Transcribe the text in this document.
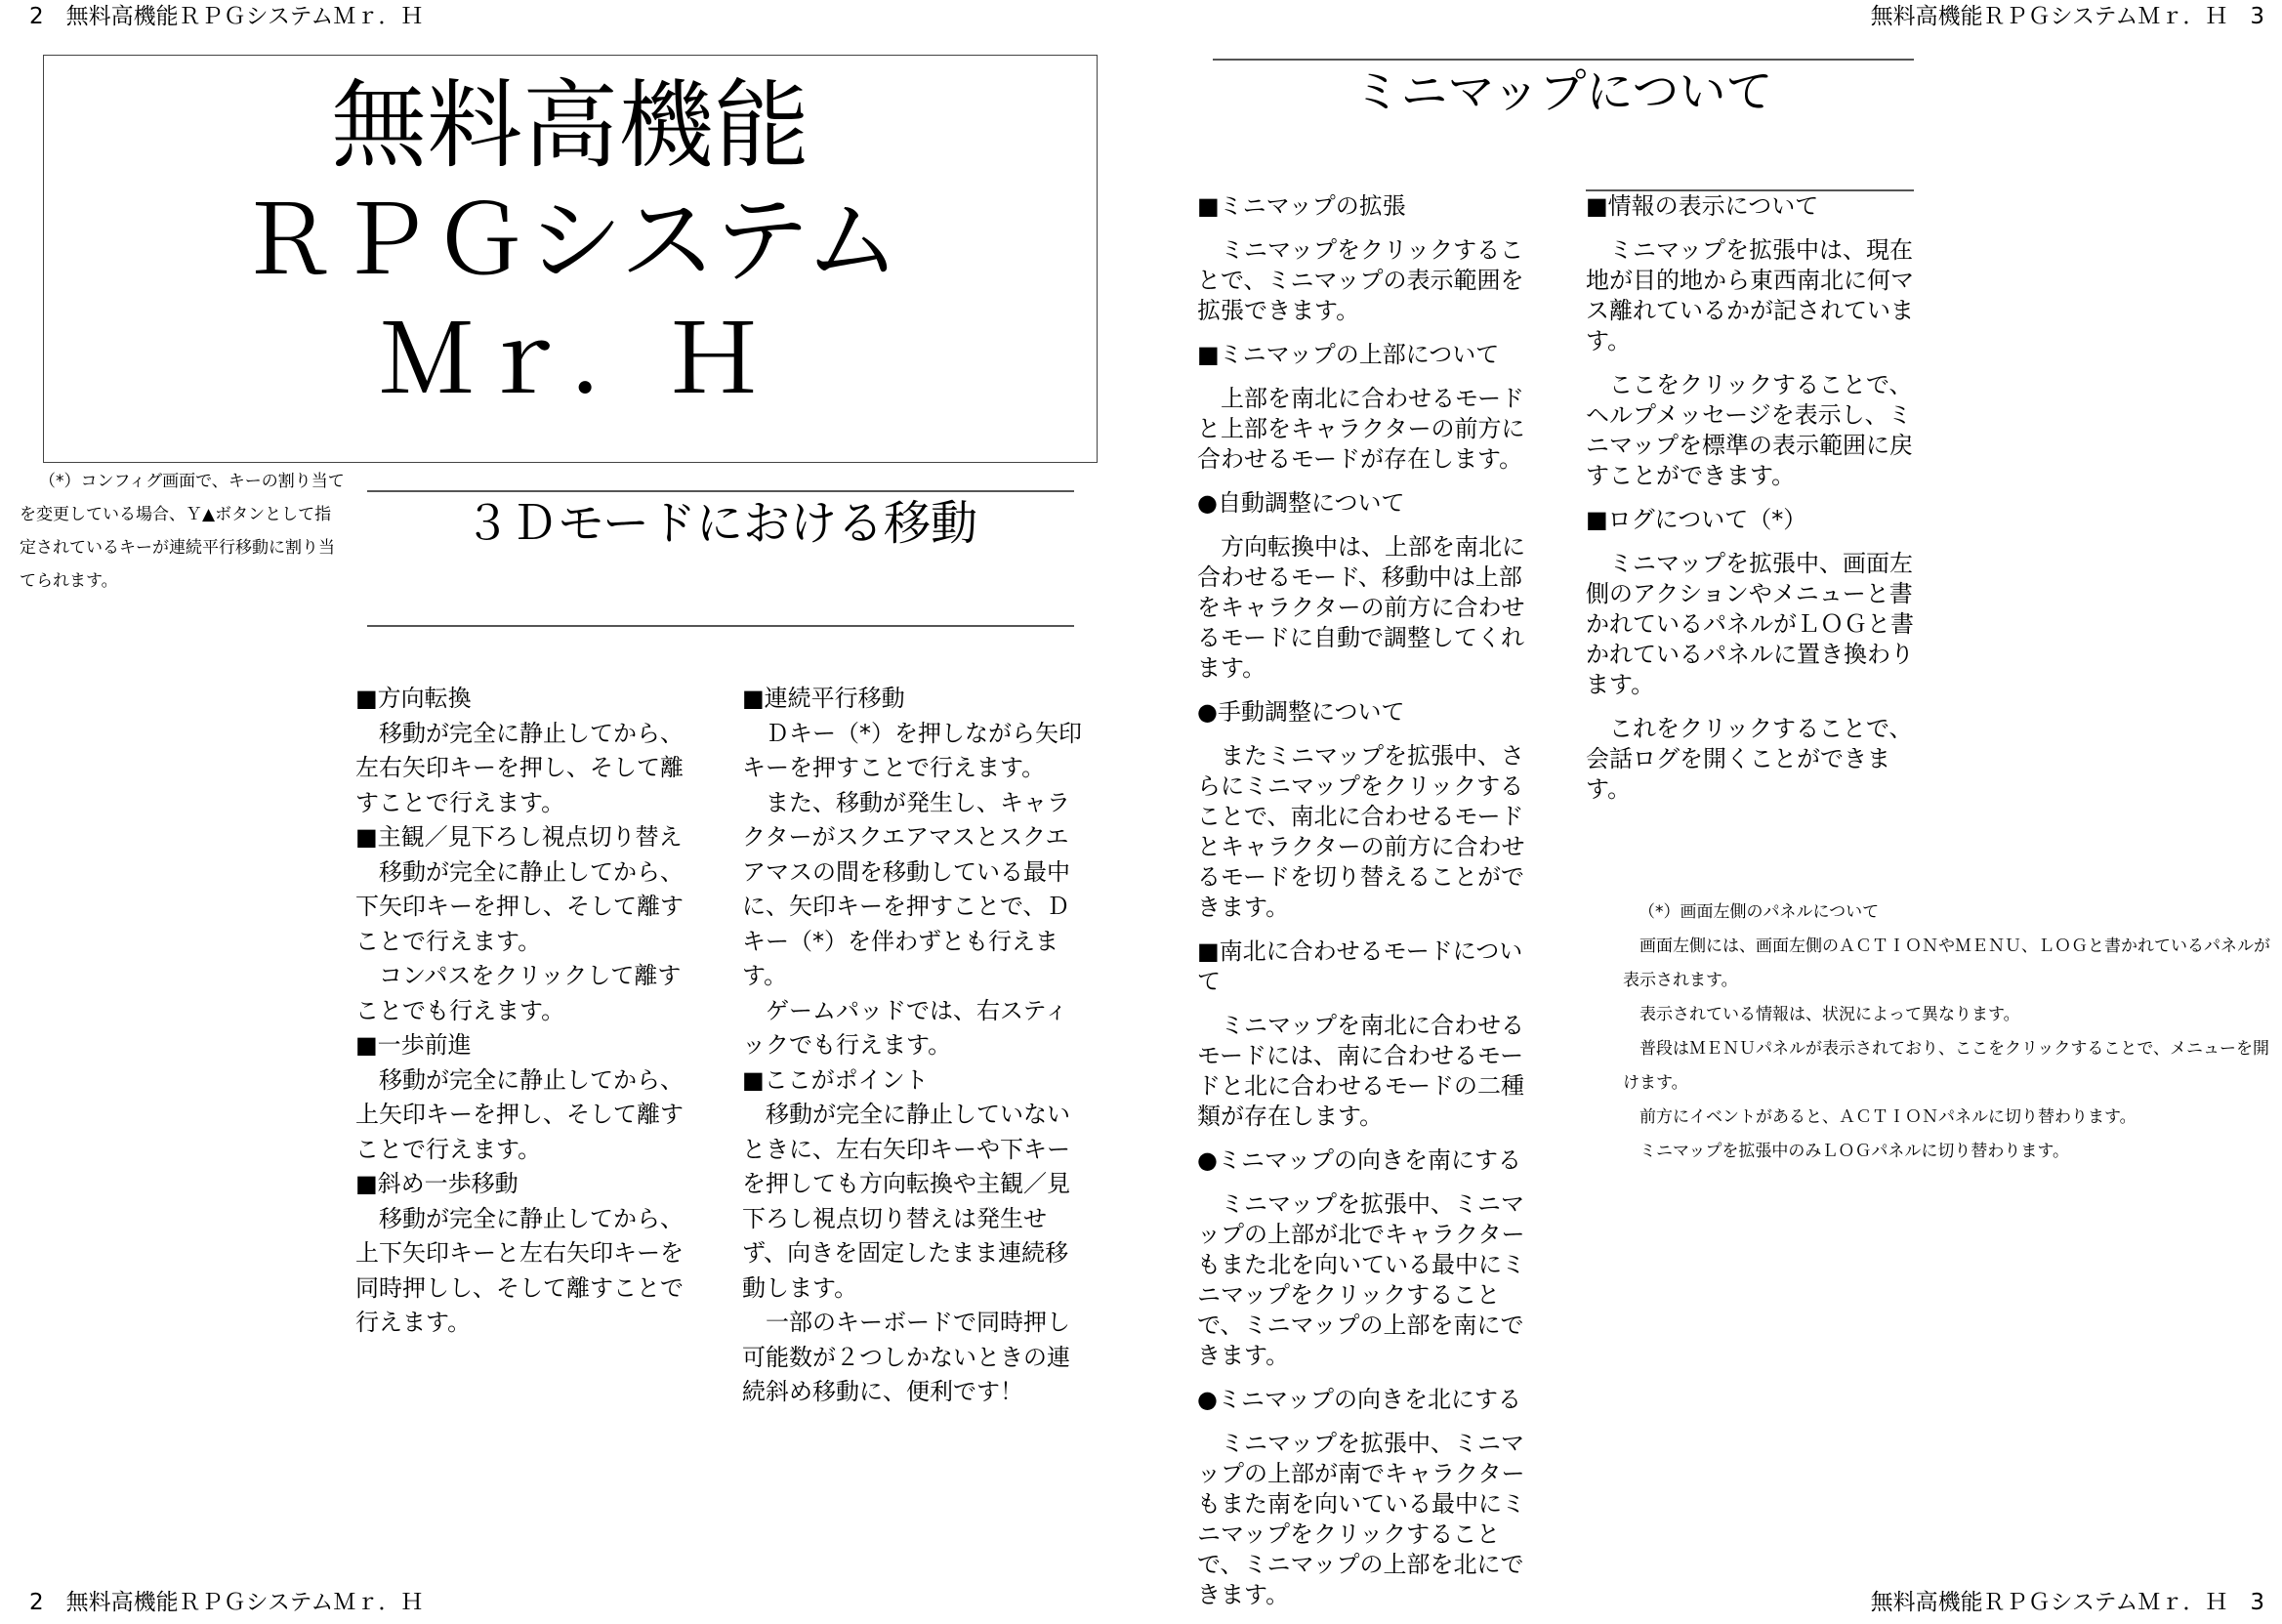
2　無料高機能ＲＰＧシステムＭｒ．Ｈ	無料高機能ＲＰＧシステムＭｒ．Ｈ　3
2　無料高機能ＲＰＧシステムＭｒ．Ｈ	無料高機能ＲＰＧシステムＭｒ．Ｈ　3
無料高機能
ＲＰＧシステム
Ｍｒ．Ｈ
（*）コンフィグ画面で、キーの割り当て
を変更している場合、Ｙ▲ボタンとして指
定されているキーが連続平行移動に割り当
てられます。
３Ｄモードにおける移動

■方向転換

移動が完全に静止してから、左右矢印キーを押し、そして離すことで行えます。

■主観／見下ろし視点切り替え

移動が完全に静止してから、下矢印キーを押し、そして離すことで行えます。

コンパスをクリックして離すことでも行えます。

■一歩前進

移動が完全に静止してから、上矢印キーを押し、そして離すことで行えます。

■斜め一歩移動

移動が完全に静止してから、上下矢印キーと左右矢印キーを同時押しし、そして離すことで行えます。

■連続平行移動

Ｄキー（*）を押しながら矢印キーを押すことで行えます。

また、移動が発生し、キャラクターがスクエアマスとスクエアマスの間を移動している最中に、矢印キーを押すことで、Ｄキー（*）を伴わずとも行えます。

ゲームパッドでは、右スティックでも行えます。

■ここがポイント

移動が完全に静止していないときに、左右矢印キーや下キーを押しても方向転換や主観／見下ろし視点切り替えは発生せず、向きを固定したまま連続移動します。

一部のキーボードで同時押し可能数が２つしかないときの連続斜め移動に、便利です！

ミニマップについて

■ミニマップの拡張

ミニマップをクリックすることで、ミニマップの表示範囲を拡張できます。

■ミニマップの上部について

上部を南北に合わせるモードと上部をキャラクターの前方に合わせるモードが存在します。

●自動調整について

方向転換中は、上部を南北に合わせるモード、移動中は上部をキャラクターの前方に合わせるモードに自動で調整してくれます。

●手動調整について

またミニマップを拡張中、さらにミニマップをクリックすることで、南北に合わせるモードとキャラクターの前方に合わせるモードを切り替えることができます。

■南北に合わせるモードについて

ミニマップを南北に合わせるモードには、南に合わせるモードと北に合わせるモードの二種類が存在します。

●ミニマップの向きを南にする

ミニマップを拡張中、ミニマップの上部が北でキャラクターもまた北を向いている最中にミニマップをクリックすることで、ミニマップの上部を南にできます。

●ミニマップの向きを北にする

ミニマップを拡張中、ミニマップの上部が南でキャラクターもまた南を向いている最中にミニマップをクリックすることで、ミニマップの上部を北にできます。

■情報の表示について

ミニマップを拡張中は、現在地が目的地から東西南北に何マス離れているかが記されています。

ここをクリックすることで、ヘルプメッセージを表示し、ミニマップを標準の表示範囲に戻すことができます。

■ログについて（*）

ミニマップを拡張中、画面左側のアクションやメニューと書かれているパネルがＬＯＧと書かれているパネルに置き換わります。

これをクリックすることで、会話ログを開くことができます。

（*）画面左側のパネルについて
画面左側には、画面左側のＡＣＴＩＯＮやＭＥＮＵ、ＬＯＧと書かれているパネルが表示されます。
表示されている情報は、状況によって異なります。
普段はＭＥＮＵパネルが表示されており、ここをクリックすることで、メニューを開けます。
前方にイベントがあると、ＡＣＴＩＯＮパネルに切り替わります。
ミニマップを拡張中のみＬＯＧパネルに切り替わります。
